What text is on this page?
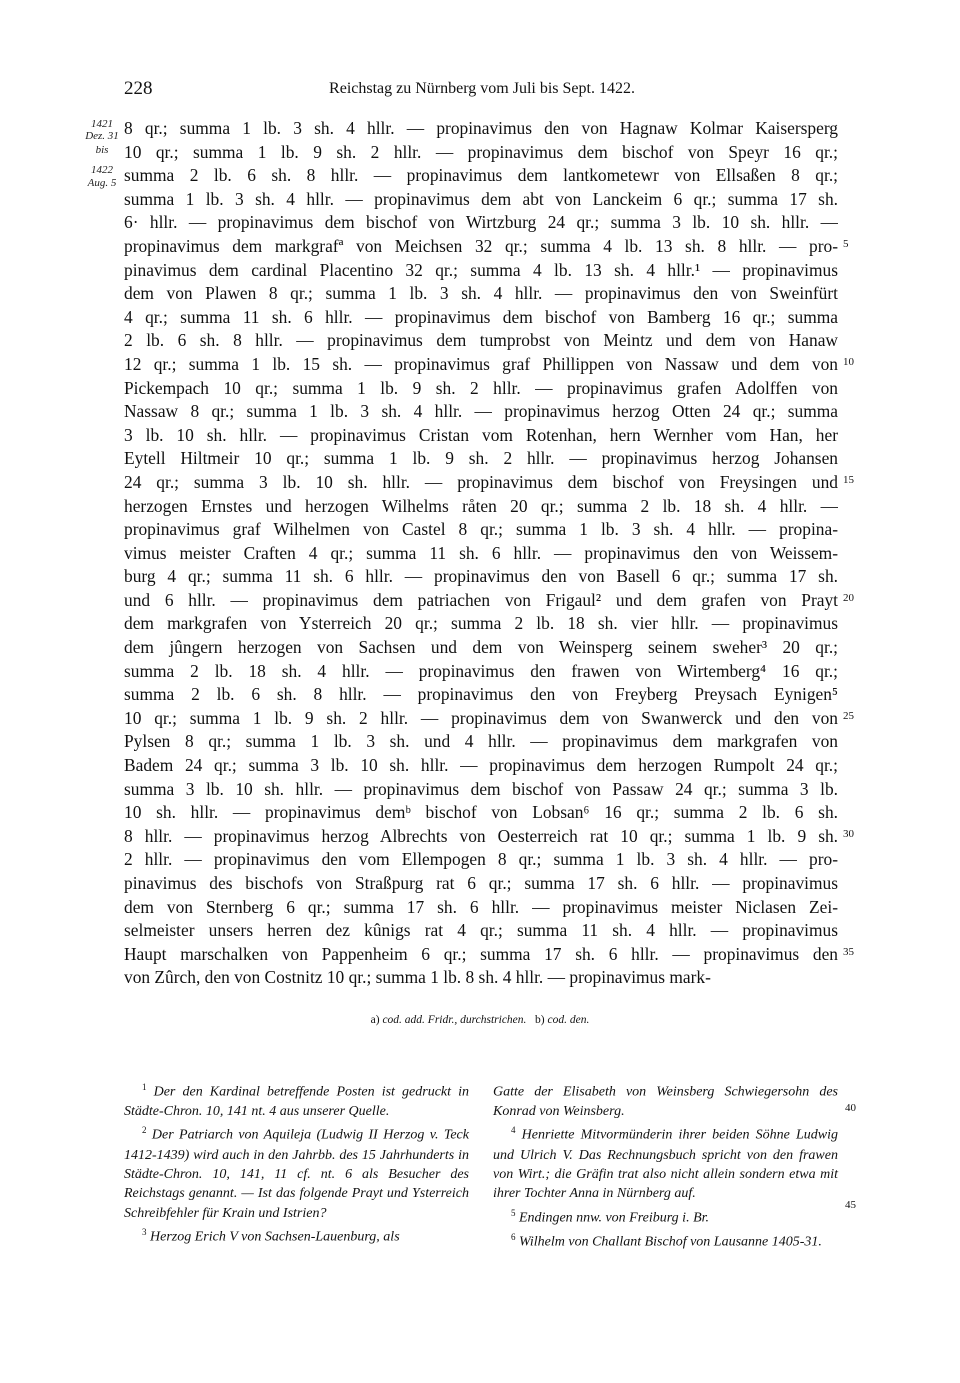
228	Reichstag zu Nürnberg vom Juli bis Sept. 1422.
1421
Dez. 31
bis
1422
Aug. 5
8 qr.; summa 1 lb. 3 sh. 4 hllr. — propinavimus den von Hagnaw Kolmar Kaisersperg
10 qr.; summa 1 lb. 9 sh. 2 hllr. — propinavimus dem bischof von Speyr 16 qr.;
summa 2 lb. 6 sh. 8 hllr. — propinavimus dem lantkometewr von Ellsaßen 8 qr.;
summa 1 lb. 3 sh. 4 hllr. — propinavimus dem abt von Lanckeim 6 qr.; summa 17 sh.
6· hllr. — propinavimus dem bischof von Wirtzburg 24 qr.; summa 3 lb. 10 sh. hllr. —
propinavimus dem markgrafª von Meichsen 32 qr.; summa 4 lb. 13 sh. 8 hllr. — pro-
pinavimus dem cardinal Placentino 32 qr.; summa 4 lb. 13 sh. 4 hllr.¹ — propinavimus
dem von Plawen 8 qr.; summa 1 lb. 3 sh. 4 hllr. — propinavimus den von Sweinfürt
4 qr.; summa 11 sh. 6 hllr. — propinavimus dem bischof von Bamberg 16 qr.; summa
2 lb. 6 sh. 8 hllr. — propinavimus dem tumprobst von Meintz und dem von Hanaw
12 qr.; summa 1 lb. 15 sh. — propinavimus graf Phillippen von Nassaw und dem von
Pickempach 10 qr.; summa 1 lb. 9 sh. 2 hllr. — propinavimus grafen Adolffen von
Nassaw 8 qr.; summa 1 lb. 3 sh. 4 hllr. — propinavimus herzog Otten 24 qr.; summa
3 lb. 10 sh. hllr. — propinavimus Cristan vom Rotenhan, hern Wernher vom Han, her
Eytell Hiltmeir 10 qr.; summa 1 lb. 9 sh. 2 hllr. — propinavimus herzog Johansen
24 qr.; summa 3 lb. 10 sh. hllr. — propinavimus dem bischof von Freysingen und
herzogen Ernstes und herzogen Wilhelms råten 20 qr.; summa 2 lb. 18 sh. 4 hllr. —
propinavimus graf Wilhelmen von Castel 8 qr.; summa 1 lb. 3 sh. 4 hllr. — propina-
vimus meister Craften 4 qr.; summa 11 sh. 6 hllr. — propinavimus den von Weissem-
burg 4 qr.; summa 11 sh. 6 hllr. — propinavimus den von Basell 6 qr.; summa 17 sh.
und 6 hllr. — propinavimus dem patriachen von Frigaul² und dem grafen von Prayt
dem markgrafen von Ysterreich 20 qr.; summa 2 lb. 18 sh. vier hllr. — propinavimus
dem jûngern herzogen von Sachsen und dem von Weinsperg seinem sweher³ 20 qr.;
summa 2 lb. 18 sh. 4 hllr. — propinavimus den frawen von Wirtemberg⁴ 16 qr.;
summa 2 lb. 6 sh. 8 hllr. — propinavimus den von Freyberg Preysach Eynigen⁵
10 qr.; summa 1 lb. 9 sh. 2 hllr. — propinavimus dem von Swanwerck und den von
Pylsen 8 qr.; summa 1 lb. 3 sh. und 4 hllr. — propinavimus dem markgrafen von
Badem 24 qr.; summa 3 lb. 10 sh. hllr. — propinavimus dem herzogen Rumpolt 24 qr.;
summa 3 lb. 10 sh. hllr. — propinavimus dem bischof von Passaw 24 qr.; summa 3 lb.
10 sh. hllr. — propinavimus demᵇ bischof von Lobsan⁶ 16 qr.; summa 2 lb. 6 sh.
8 hllr. — propinavimus herzog Albrechts von Oesterreich rat 10 qr.; summa 1 lb. 9 sh.
2 hllr. — propinavimus den vom Ellempogen 8 qr.; summa 1 lb. 3 sh. 4 hllr. — pro-
pinavimus des bischofs von Straßpurg rat 6 qr.; summa 17 sh. 6 hllr. — propinavimus
dem von Sternberg 6 qr.; summa 17 sh. 6 hllr. — propinavimus meister Niclasen Zei-
selmeister unsers herren dez kûnigs rat 4 qr.; summa 11 sh. 4 hllr. — propinavimus
Haupt marschalken von Pappenheim 6 qr.; summa 17 sh. 6 hllr. — propinavimus den
von Zûrch, den von Costnitz 10 qr.; summa 1 lb. 8 sh. 4 hllr. — propinavimus mark-
5
10
15
20
25
30
35
a) cod. add. Fridr., durchstrichen. b) cod. den.
$^1$ Der den Kardinal betreffende Posten ist gedruckt in Städte-Chron. 10, 141 nt. 4 aus unserer Quelle.
$^2$ Der Patriarch von Aquileja (Ludwig II Herzog v. Teck 1412-1439) wird auch in den Jahrbb. des 15 Jahrhunderts in Städte-Chron. 10, 141, 11 cf. nt. 6 als Besucher des Reichstags genannt. — Ist das folgende Prayt und Ysterreich Schreibfehler für Krain und Istrien?
$^3$ Herzog Erich V von Sachsen-Lauenburg, als
Gatte der Elisabeth von Weinsberg Schwiegersohn des Konrad von Weinsberg.
$^4$ Henriette Mitvormünderin ihrer beiden Söhne Ludwig und Ulrich V. Das Rechnungsbuch spricht von den frawen von Wirt.; die Gräfin trat also nicht allein sondern etwa mit ihrer Tochter Anna in Nürnberg auf.
$^5$ Endingen nnw. von Freiburg i. Br.
$^6$ Wilhelm von Challant Bischof von Lausanne 1405-31.
40
45
